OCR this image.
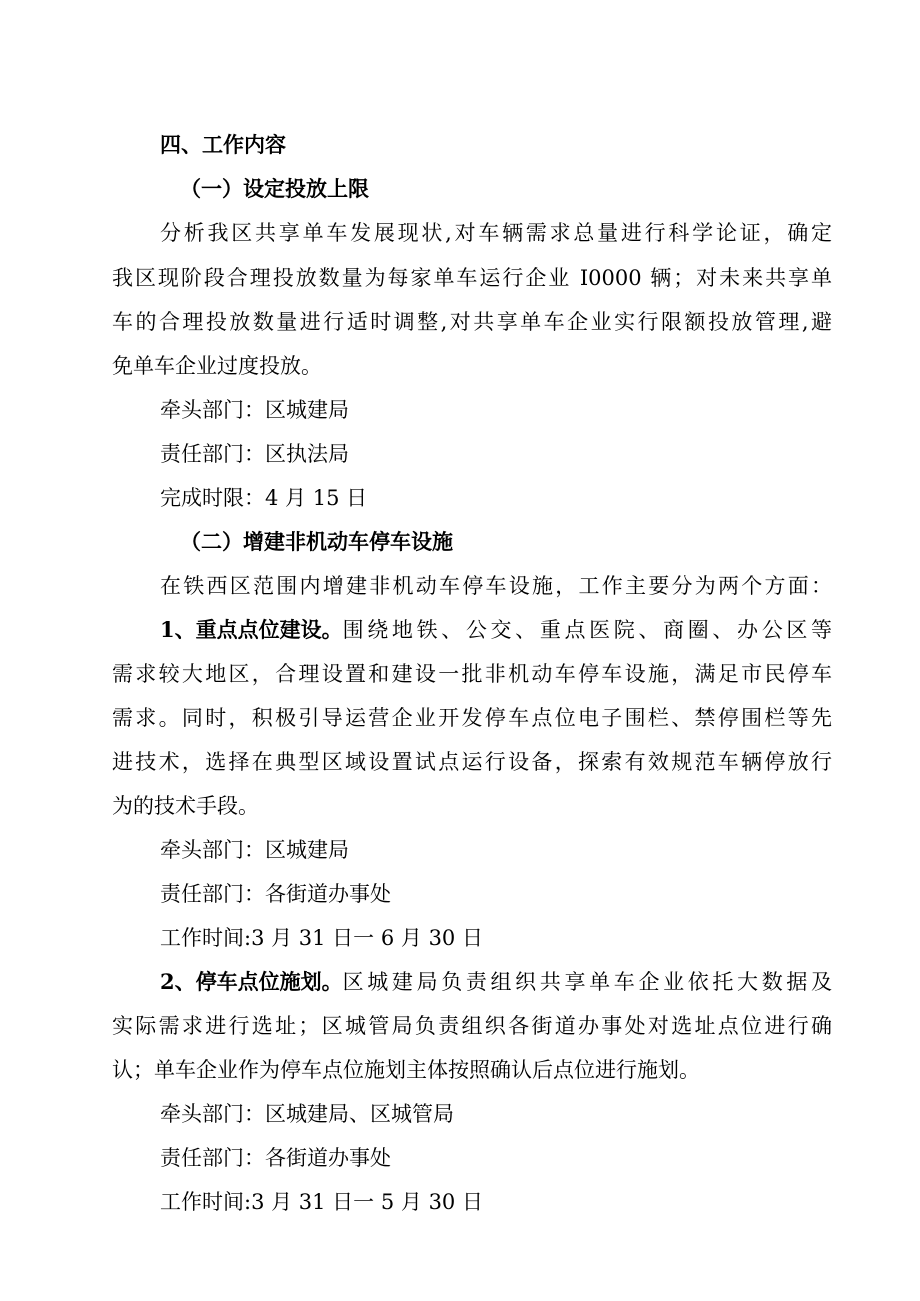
四、工作内容
（一）设定投放上限
分析我区共享单车发展现状,对车辆需求总量进行科学论证，确定
我区现阶段合理投放数量为每家单车运行企业 I0000 辆；对未来共享单
车的合理投放数量进行适时调整,对共享单车企业实行限额投放管理,避
免单车企业过度投放。
牵头部门：区城建局
责任部门：区执法局
完成时限：4 月 15 日
（二）增建非机动车停车设施
在铁西区范围内增建非机动车停车设施，工作主要分为两个方面：
1、重点点位建设。 围绕地铁、公交、重点医院、商圈、办公区等
需求较大地区，合理设置和建设一批非机动车停车设施，满足市民停车
需求。同时，积极引导运营企业开发停车点位电子围栏、禁停围栏等先
进技术，选择在典型区域设置试点运行设备，探索有效规范车辆停放行
为的技术手段。
牵头部门：区城建局
责任部门：各街道办事处
工作时间:3 月 31 日一 6 月 30 日
2、停车点位施划。 区城建局负责组织共享单车企业依托大数据及
实际需求进行选址；区城管局负责组织各街道办事处对选址点位进行确
认；单车企业作为停车点位施划主体按照确认后点位进行施划。
牵头部门：区城建局、区城管局
责任部门：各街道办事处
工作时间:3 月 31 日一 5 月 30 日
